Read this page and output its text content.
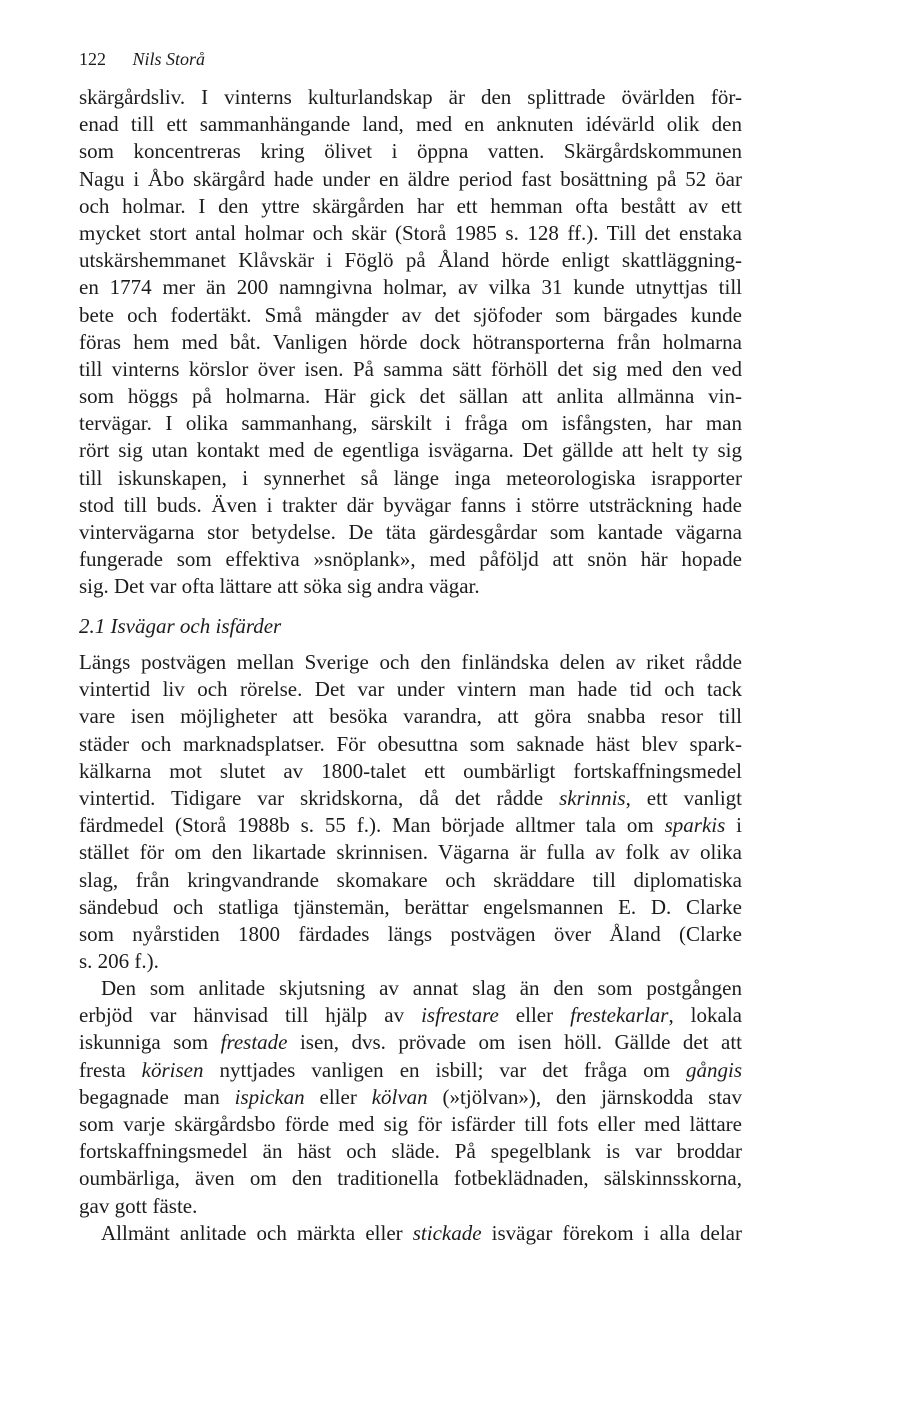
122 Nils Storå
skärgårdsliv. I vinterns kulturlandskap är den splittrade övärlden för-
enad till ett sammanhängande land, med en anknuten idévärld olik den
som koncentreras kring ölivet i öppna vatten. Skärgårdskommunen
Nagu i Åbo skärgård hade under en äldre period fast bosättning på 52 öar
och holmar. I den yttre skärgården har ett hemman ofta bestått av ett
mycket stort antal holmar och skär (Storå 1985 s. 128 ff.). Till det enstaka
utskärshemmanet Klåvskär i Föglö på Åland hörde enligt skattläggning-
en 1774 mer än 200 namngivna holmar, av vilka 31 kunde utnyttjas till
bete och fodertäkt. Små mängder av det sjöfoder som bärgades kunde
föras hem med båt. Vanligen hörde dock hötransporterna från holmarna
till vinterns körslor över isen. På samma sätt förhöll det sig med den ved
som höggs på holmarna. Här gick det sällan att anlita allmänna vin-
tervägar. I olika sammanhang, särskilt i fråga om isfångsten, har man
rört sig utan kontakt med de egentliga isvägarna. Det gällde att helt ty sig
till iskunskapen, i synnerhet så länge inga meteorologiska israpporter
stod till buds. Även i trakter där byvägar fanns i större utsträckning hade
vintervägarna stor betydelse. De täta gärdesgårdar som kantade vägarna
fungerade som effektiva »snöplank», med påföljd att snön här hopade
sig. Det var ofta lättare att söka sig andra vägar.
2.1 Isvägar och isfärder
Längs postvägen mellan Sverige och den finländska delen av riket rådde
vintertid liv och rörelse. Det var under vintern man hade tid och tack
vare isen möjligheter att besöka varandra, att göra snabba resor till
städer och marknadsplatser. För obesuttna som saknade häst blev spark-
kälkarna mot slutet av 1800-talet ett oumbärligt fortskaffningsmedel
vintertid. Tidigare var skridskorna, då det rådde skrinnis, ett vanligt
färdmedel (Storå 1988b s. 55 f.). Man började alltmer tala om sparkis i
stället för om den likartade skrinnisen. Vägarna är fulla av folk av olika
slag, från kringvandrande skomakare och skräddare till diplomatiska
sändebud och statliga tjänstemän, berättar engelsmannen E. D. Clarke
som nyårstiden 1800 färdades längs postvägen över Åland (Clarke
s. 206 f.).
Den som anlitade skjutsning av annat slag än den som postgången
erbjöd var hänvisad till hjälp av isfrestare eller frestekarlar, lokala
iskunniga som frestade isen, dvs. prövade om isen höll. Gällde det att
fresta körisen nyttjades vanligen en isbill; var det fråga om gångis
begagnade man ispickan eller kölvan (»tjölvan»), den järnskodda stav
som varje skärgårdsbo förde med sig för isfärder till fots eller med lättare
fortskaffningsmedel än häst och släde. På spegelblank is var broddar
oumbärliga, även om den traditionella fotbeklädnaden, sälskinnsskorna,
gav gott fäste.
Allmänt anlitade och märkta eller stickade isvägar förekom i alla delar
